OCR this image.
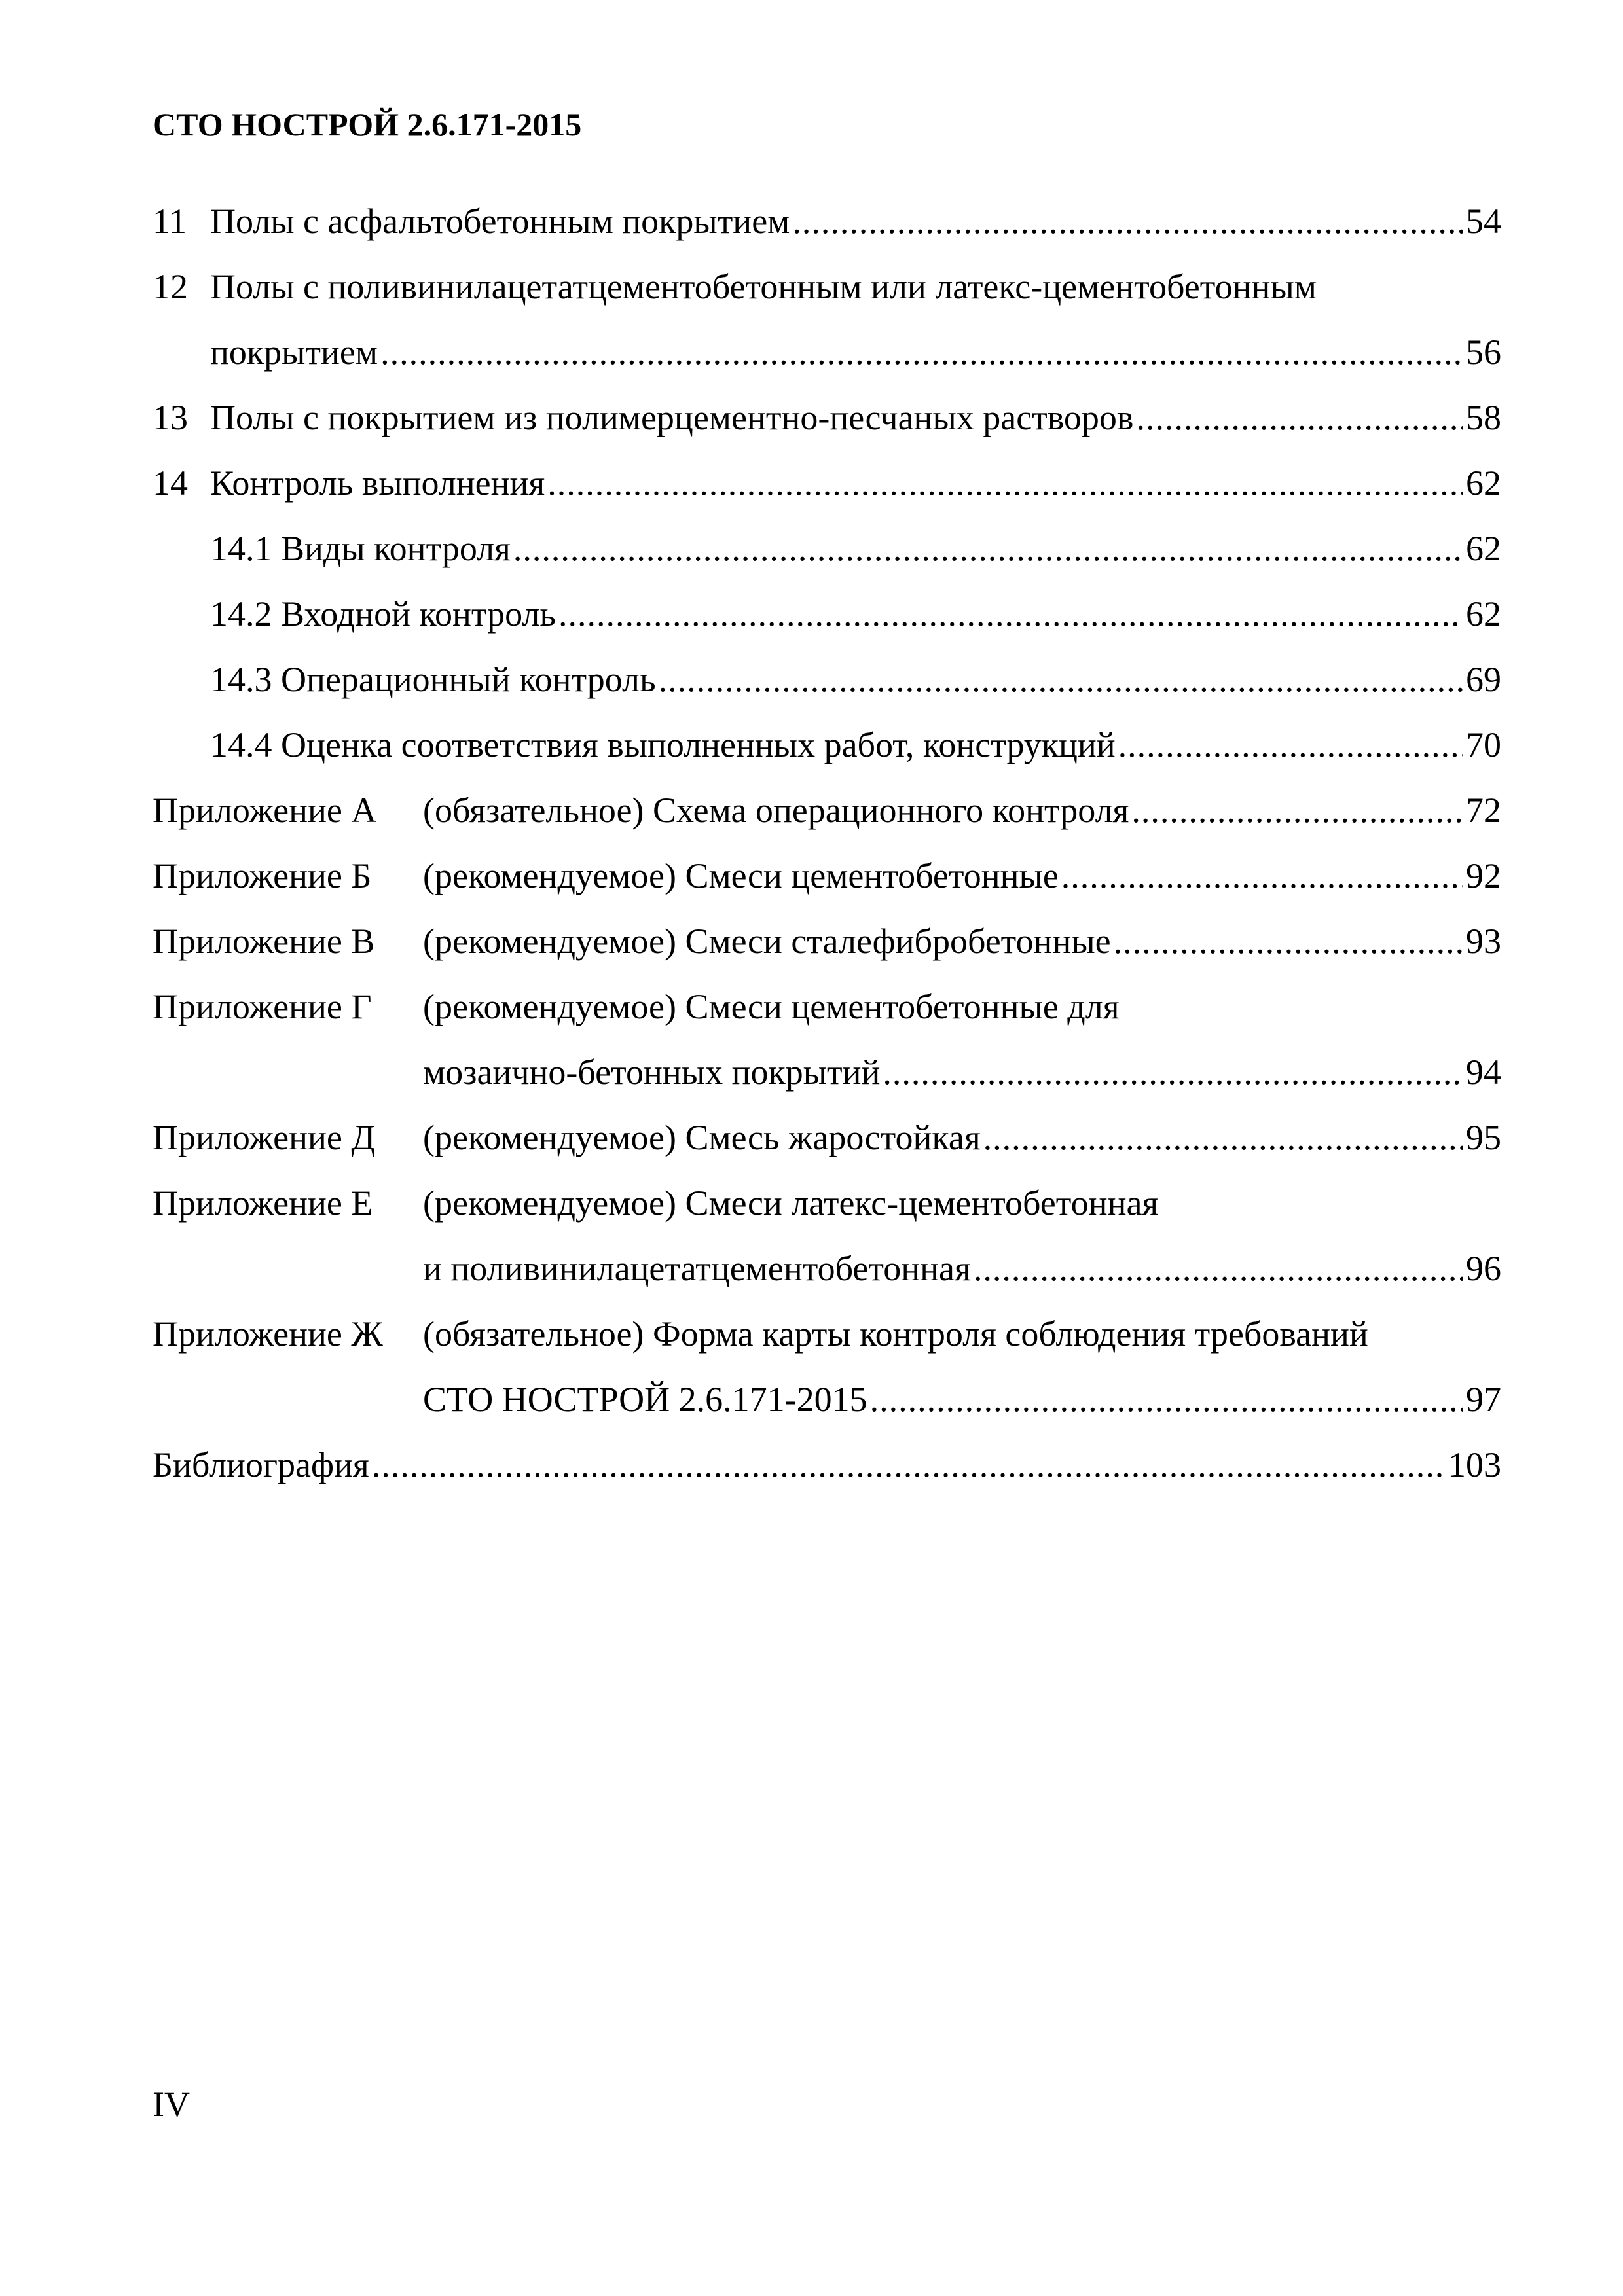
СТО НОСТРОЙ 2.6.171-2015
11 Полы с асфальтобетонным покрытием .....	54
12 Полы с поливинилацетатцементобетонным или латекс-цементобетонным
покрытием .....	56
13 Полы с покрытием из полимерцементно-песчаных растворов .....	58
14 Контроль выполнения .....	62
14.1 Виды контроля .....	62
14.2 Входной контроль .....	62
14.3 Операционный контроль .....	69
14.4 Оценка соответствия выполненных работ, конструкций .....	70
Приложение А	(обязательное) Схема операционного контроля .....	72
Приложение Б	(рекомендуемое) Смеси цементобетонные .....	92
Приложение В	(рекомендуемое) Смеси сталефибробетонные .....	93
Приложение Г	(рекомендуемое) Смеси цементобетонные для
мозаично-бетонных покрытий .....	94
Приложение Д	(рекомендуемое) Смесь жаростойкая .....	95
Приложение Е	(рекомендуемое) Смеси латекс-цементобетонная
и поливинилацетатцементобетонная .....	96
Приложение Ж	(обязательное) Форма карты контроля соблюдения требований
СТО НОСТРОЙ 2.6.171-2015 .....	97
Библиография .....	103
IV
